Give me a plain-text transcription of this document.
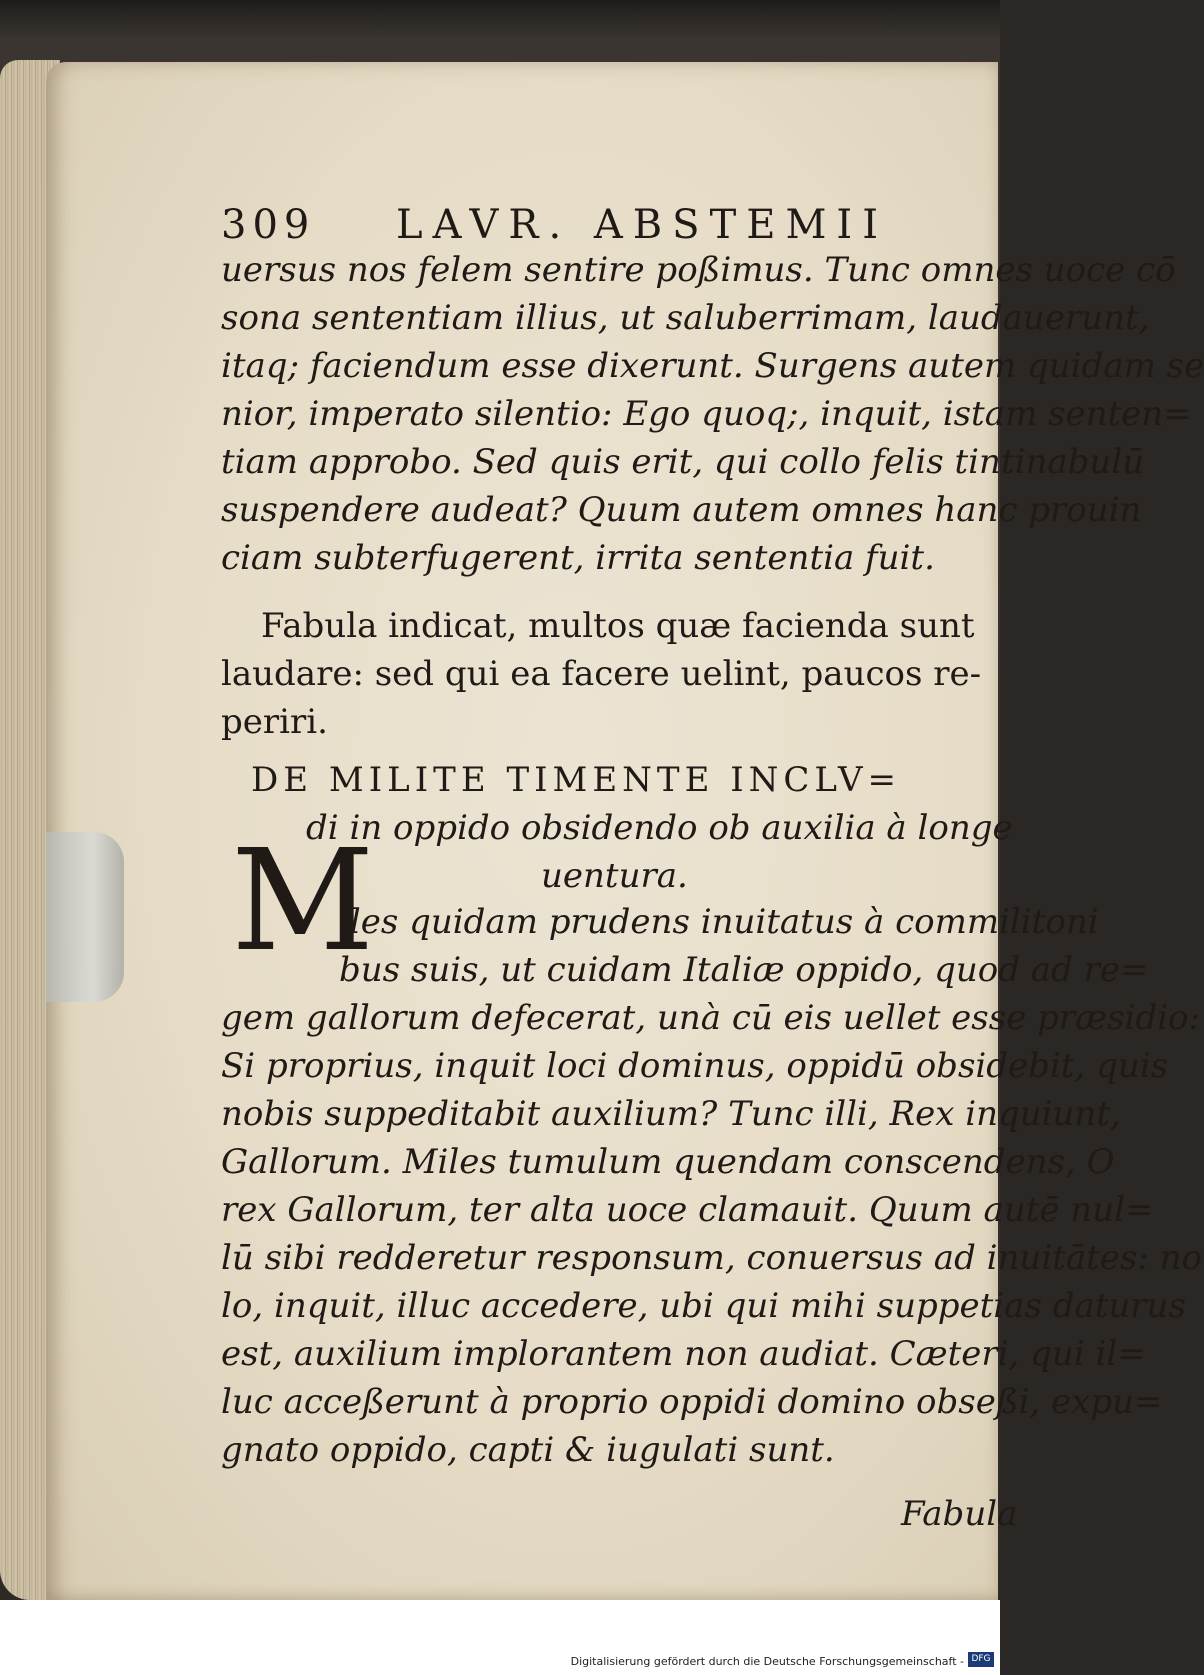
309 LAVR. ABSTEMII
uersus nos felem sentire poßimus. Tunc omnes uoce cō
sona sententiam illius, ut saluberrimam, laudauerunt,
itaq; faciendum esse dixerunt. Surgens autem quidam se
nior, imperato silentio: Ego quoq;, inquit, istam senten=
tiam approbo. Sed quis erit, qui collo felis tintinabulū
suspendere audeat? Quum autem omnes hanc prouin
ciam subterfugerent, irrita sententia fuit.
Fabula indicat, multos quæ facienda sunt
laudare: sed qui ea facere uelint, paucos re-
periri.
DE MILITE TIMENTE INCLV=
di in oppido obsidendo ob auxilia à longe
uentura.
M
iles quidam prudens inuitatus à commilitoni
bus suis, ut cuidam Italiæ oppido, quod ad re=
gem gallorum defecerat, unà cū eis uellet esse præsidio:
Si proprius, inquit loci dominus, oppidū obsidebit, quis
nobis suppeditabit auxilium? Tunc illi, Rex inquiunt,
Gallorum. Miles tumulum quendam conscendens, O
rex Gallorum, ter alta uoce clamauit. Quum autē nul=
lū sibi redderetur responsum, conuersus ad inuitātes: no
lo, inquit, illuc accedere, ubi qui mihi suppetias daturus
est, auxilium implorantem non audiat. Cæteri, qui il=
luc acceßerunt à proprio oppidi domino obseßi, expu=
gnato oppido, capti & iugulati sunt.
Fabula
Digitalisierung gefördert durch die Deutsche Forschungsgemeinschaft - DFG
